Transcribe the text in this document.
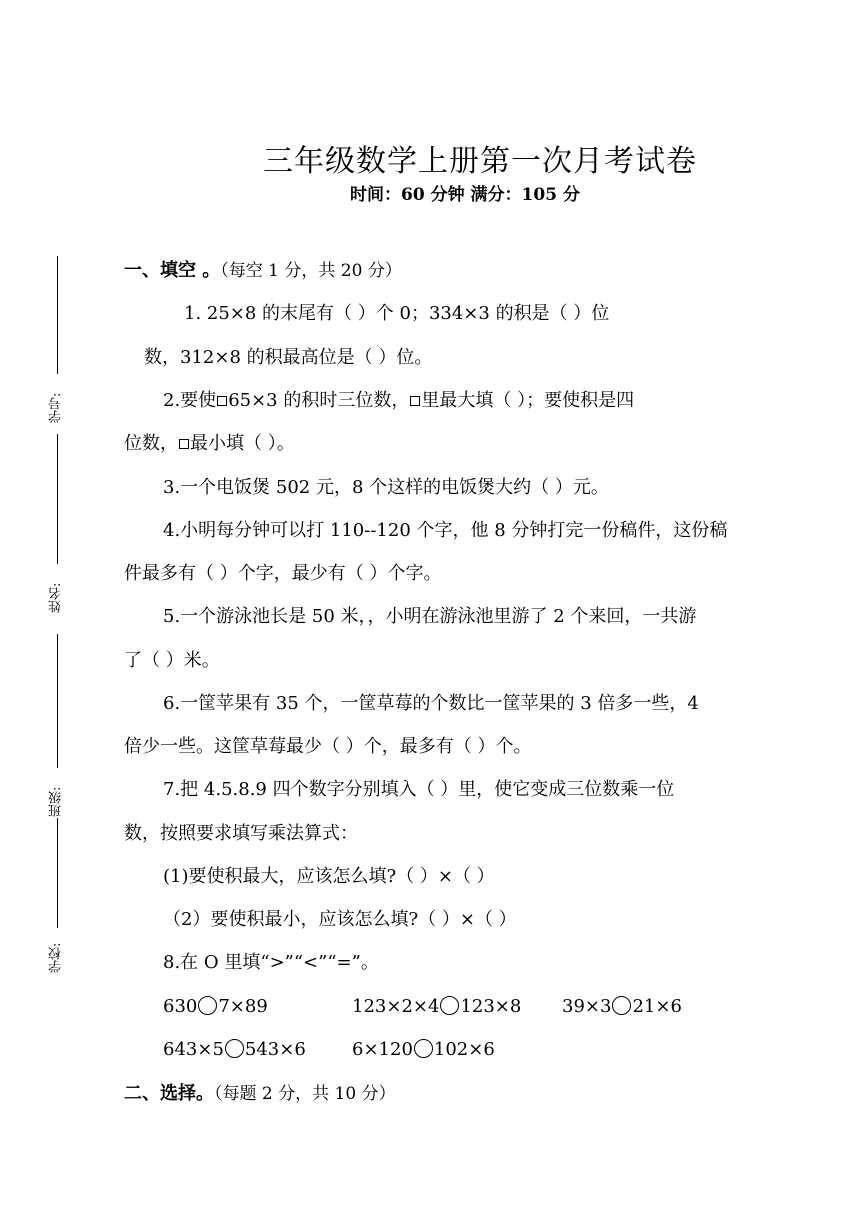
三年级数学上册第一次月考试卷
时间：60 分钟 满分：105 分
学号:
姓名:
班级:
学校:
一、填空 。（每空 1 分，共 20 分）
1. 25×8 的末尾有（ ）个 0；334×3 的积是（ ）位
数，312×8 的积最高位是（ ）位。
2.要使 65×3 的积时三位数， 里最大填（ ）；要使积是四
位数， 最小填（ ）。
3.一个电饭煲 502 元，8 个这样的电饭煲大约（ ）元。
4.小明每分钟可以打 110--120 个字，他 8 分钟打完一份稿件，这份稿
件最多有（ ）个字，最少有（ ）个字。
5.一个游泳池长是 50 米，，小明在游泳池里游了 2 个来回，一共游
了（ ）米。
6.一筐苹果有 35 个，一筐草莓的个数比一筐苹果的 3 倍多一些，4
倍少一些。这筐草莓最少（ ）个，最多有（ ）个。
7.把 4.5.8.9 四个数字分别填入（ ）里，使它变成三位数乘一位
数，按照要求填写乘法算式：
(1)要使积最大，应该怎么填?（ ）×（ ）
（2）要使积最小，应该怎么填?（ ）×（ ）
8.在 O 里填“>”“<”“=”。
630 7×89	123×2×4 123×8 39×3 21×6
643×5 543×6	6×120 102×6
二、选择。（每题 2 分，共 10 分）
